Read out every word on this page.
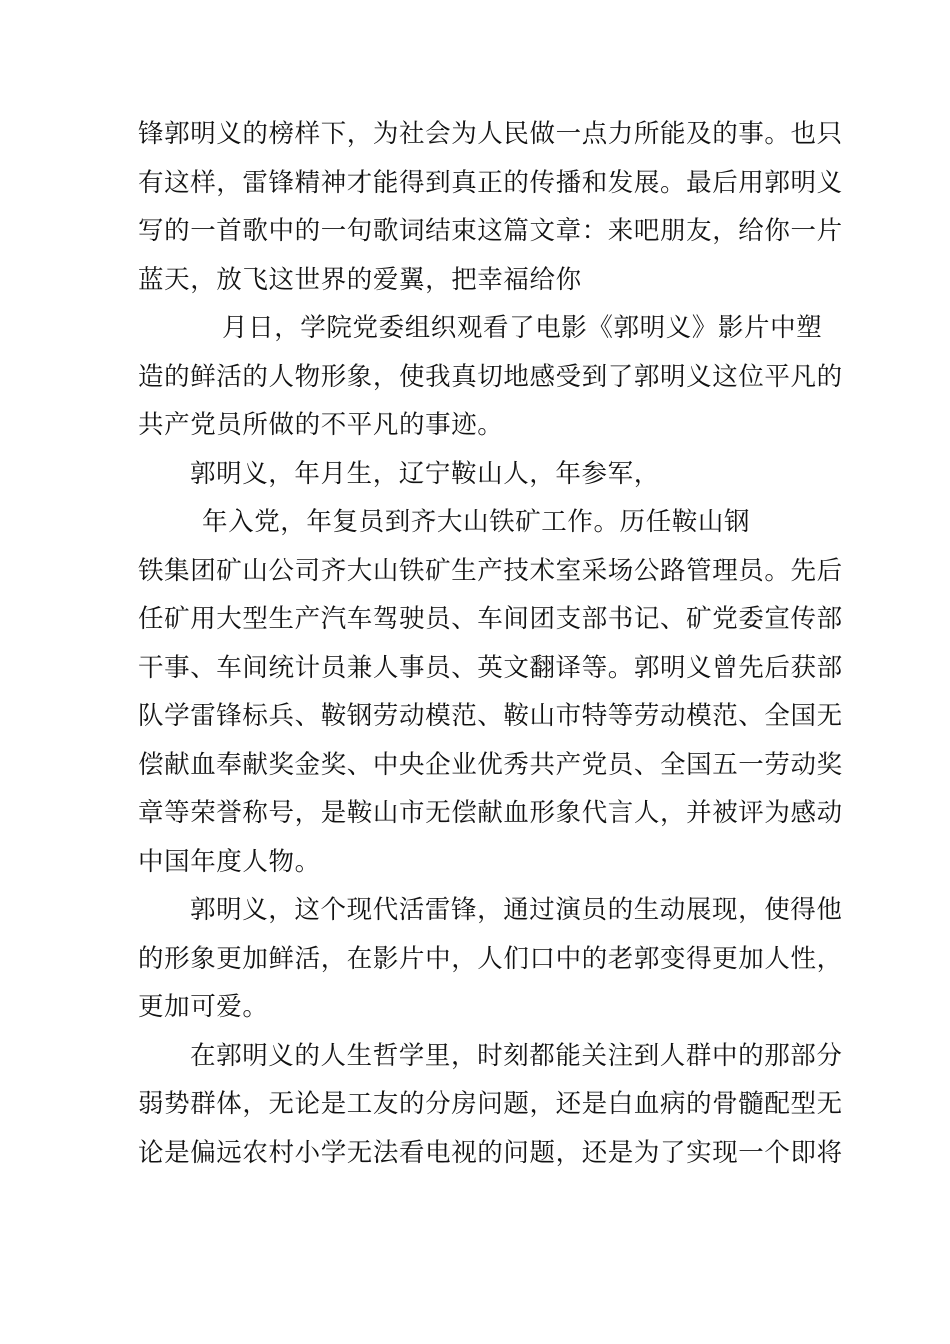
锋郭明义的榜样下，为社会为人民做一点力所能及的事。也只
有这样，雷锋精神才能得到真正的传播和发展。最后用郭明义
写的一首歌中的一句歌词结束这篇文章：来吧朋友，给你一片
蓝天，放飞这世界的爱翼，把幸福给你
月日，学院党委组织观看了电影《郭明义》影片中塑
造的鲜活的人物形象，使我真切地感受到了郭明义这位平凡的
共产党员所做的不平凡的事迹。
郭明义，年月生，辽宁鞍山人，年参军，
年入党，年复员到齐大山铁矿工作。历任鞍山钢
铁集团矿山公司齐大山铁矿生产技术室采场公路管理员。先后
任矿用大型生产汽车驾驶员、车间团支部书记、矿党委宣传部
干事、车间统计员兼人事员、英文翻译等。郭明义曾先后获部
队学雷锋标兵、鞍钢劳动模范、鞍山市特等劳动模范、全国无
偿献血奉献奖金奖、中央企业优秀共产党员、全国五一劳动奖
章等荣誉称号，是鞍山市无偿献血形象代言人，并被评为感动
中国年度人物。
郭明义，这个现代活雷锋，通过演员的生动展现，使得他
的形象更加鲜活，在影片中，人们口中的老郭变得更加人性，
更加可爱。
在郭明义的人生哲学里，时刻都能关注到人群中的那部分
弱势群体，无论是工友的分房问题，还是白血病的骨髓配型无
论是偏远农村小学无法看电视的问题，还是为了实现一个即将
